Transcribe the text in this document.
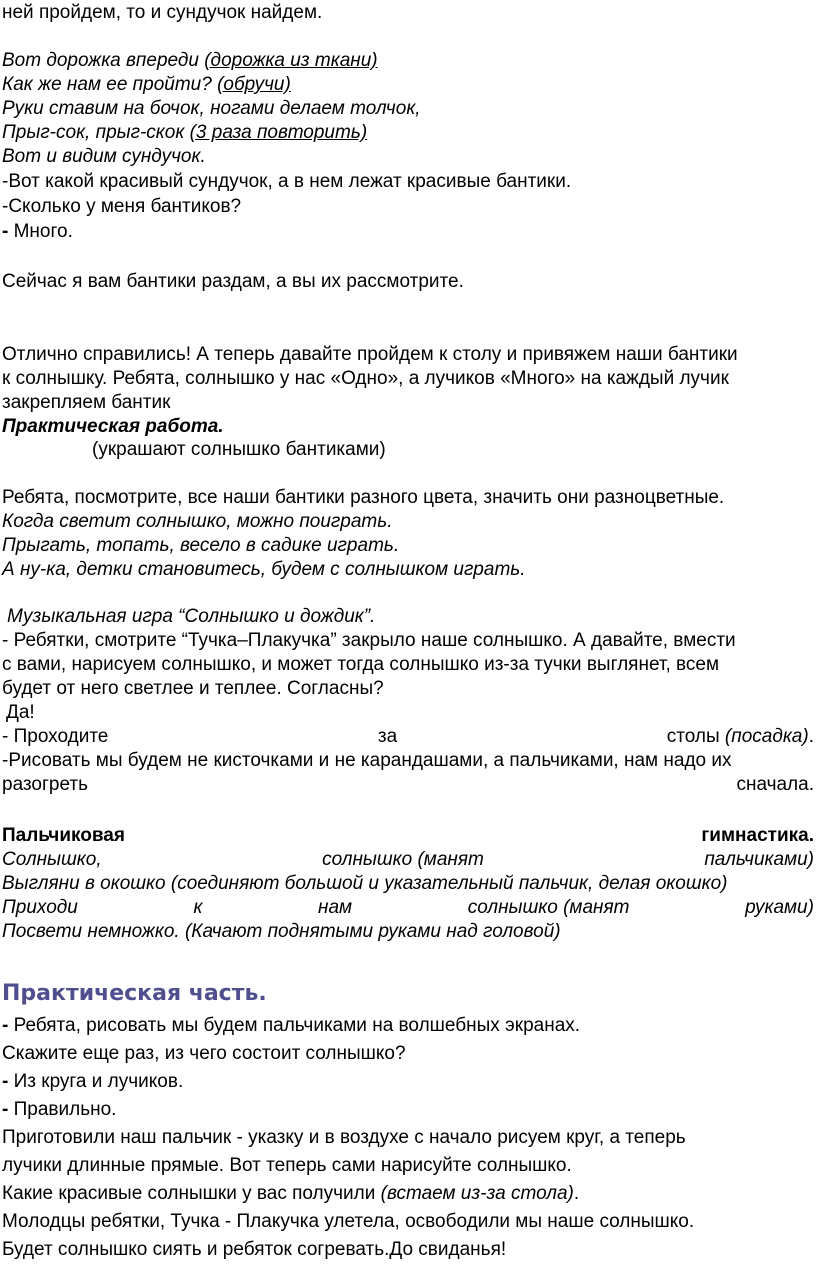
ней пройдем, то и сундучок найдем.
Вот дорожка впереди (дорожка из ткани)
Как же нам ее пройти? (обручи)
Руки ставим на бочок, ногами делаем толчок,
Прыг-сок, прыг-скок (3 раза повторить)
Вот и видим сундучок.
-Вот какой красивый сундучок, а в нем лежат красивые бантики.
-Сколько у меня бантиков?
- Много.
Сейчас я вам бантики раздам, а вы их рассмотрите.
Отлично справились! А теперь давайте пройдем к столу и привяжем наши бантики
к солнышку. Ребята, солнышко у нас «Одно», а лучиков «Много» на каждый лучик
закрепляем бантик
Практическая работа.
(украшают солнышко бантиками)
Ребята, посмотрите, все наши бантики разного цвета, значить они разноцветные.
Когда светит солнышко, можно поиграть.
Прыгать, топать, весело в садике играть.
А ну-ка, детки становитесь, будем с солнышком играть.
Музыкальная игра “Солнышко и дождик”.
- Ребятки, смотрите “Тучка–Плакучка” закрыло наше солнышко. А давайте, вмести
с вами, нарисуем солнышко, и может тогда солнышко из-за тучки выглянет, всем
будет от него светлее и теплее. Согласны?
Да!
- Проходите	за	столы (посадка).
-Рисовать мы будем не кисточками и не карандашами, а пальчиками, нам надо их
разогреть	сначала.
Пальчиковая	гимнастика.
Солнышко,	солнышко (манят	пальчиками)
Выгляни в окошко (соединяют большой и указательный пальчик, делая окошко)
Приходи	к	нам	солнышко (манят	руками)
Посвети немножко. (Качают поднятыми руками над головой)
Практическая часть.
- Ребята, рисовать мы будем пальчиками на волшебных экранах.
Скажите еще раз, из чего состоит солнышко?
- Из круга и лучиков.
- Правильно.
Приготовили наш пальчик - указку и в воздухе с начало рисуем круг, а теперь
лучики длинные прямые. Вот теперь сами нарисуйте солнышко.
Какие красивые солнышки у вас получили (встаем из-за стола).
Молодцы ребятки, Тучка - Плакучка улетела, освободили мы наше солнышко.
Будет солнышко сиять и ребяток согревать.До свиданья!
